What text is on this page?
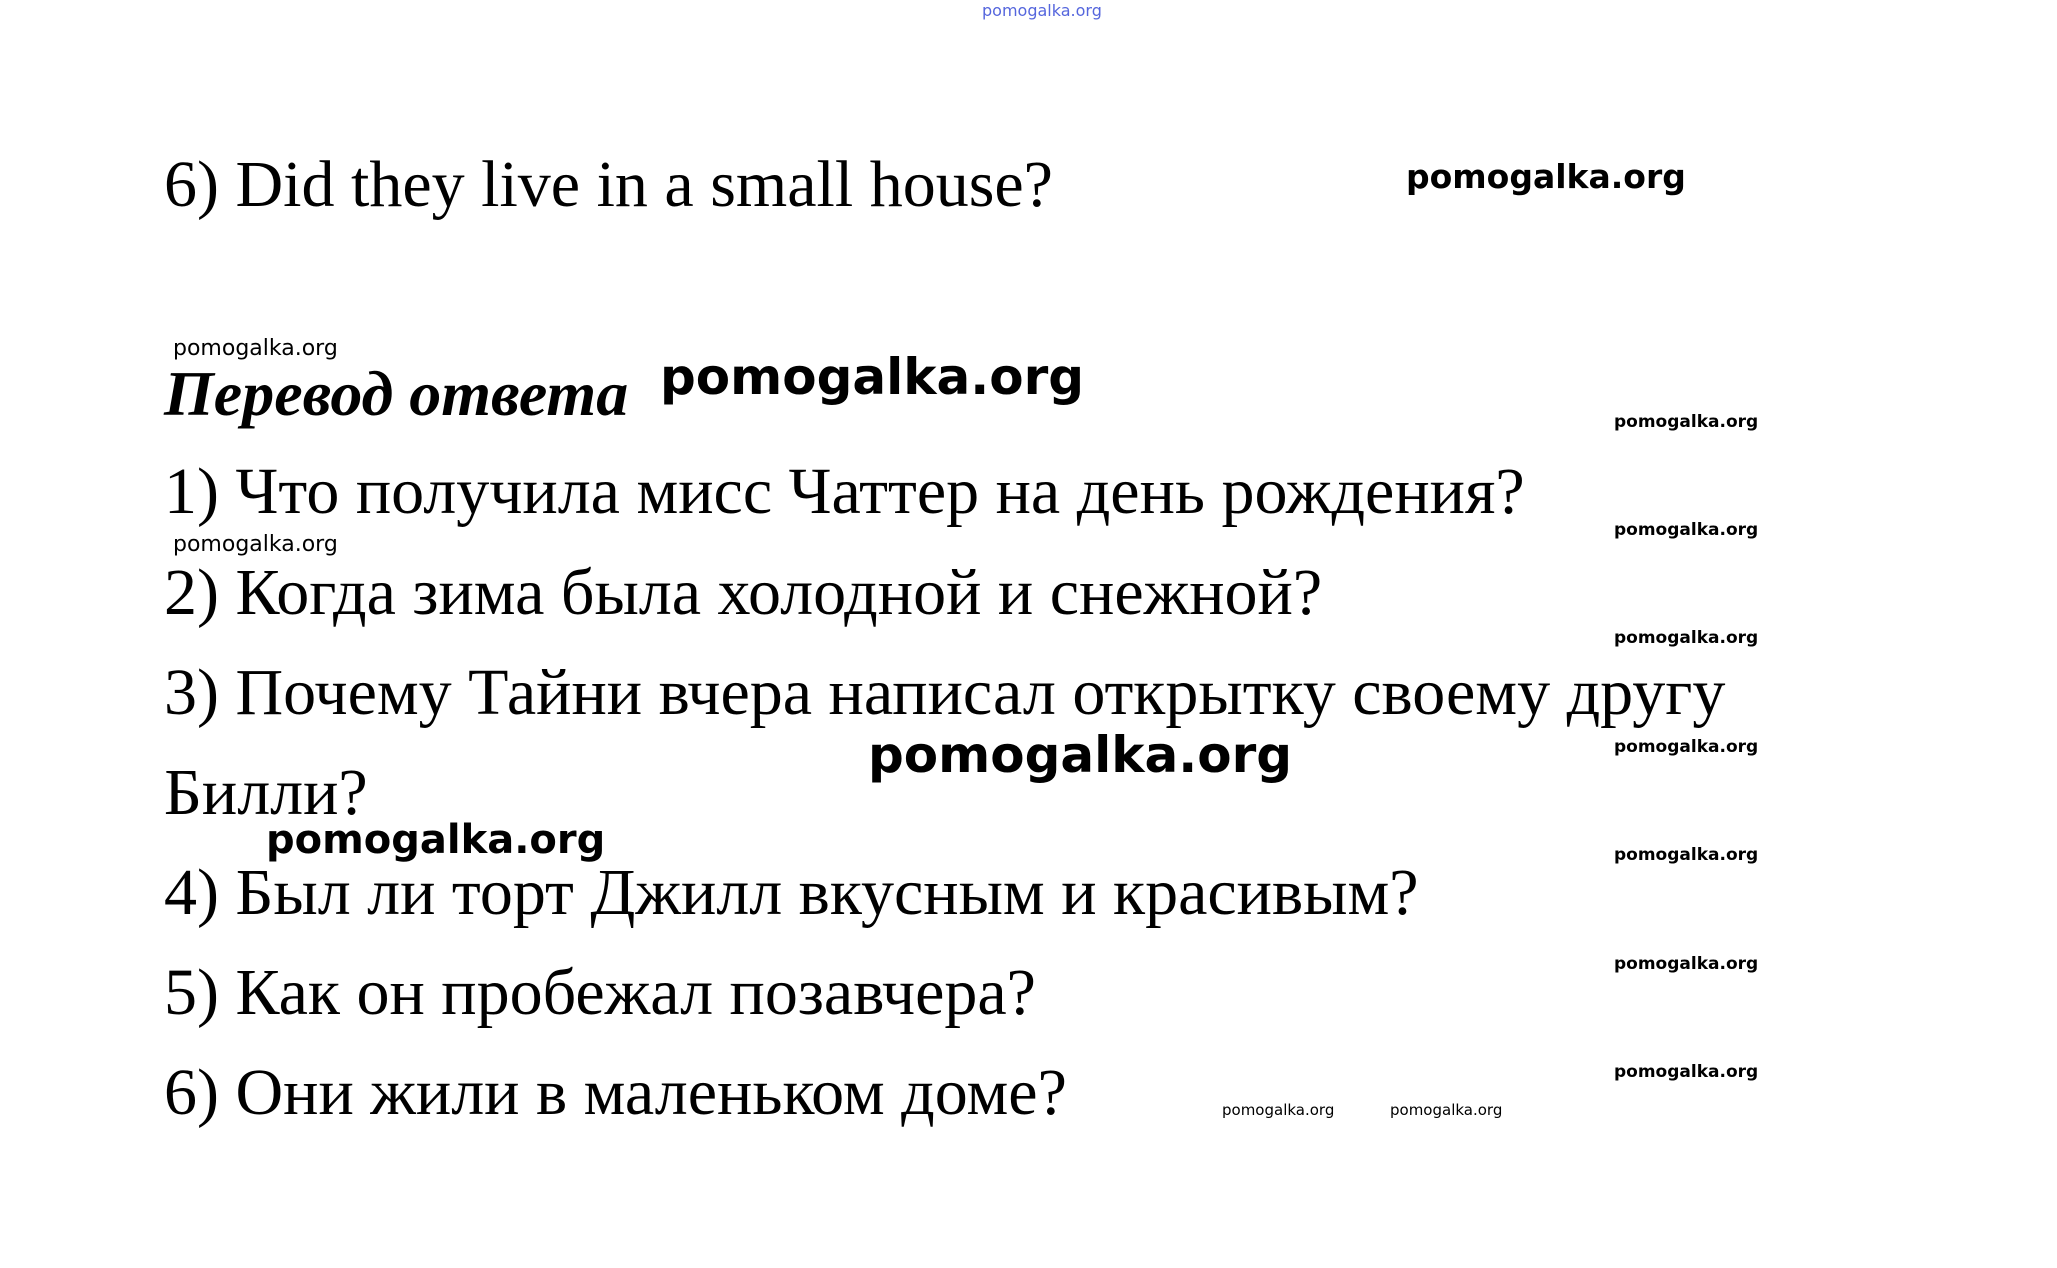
pomogalka.org
6) Did they live in a small house?	pomogalka.org
pomogalka.org
Перевод ответа pomogalka.org
pomogalka.org
pomogalka.org
pomogalka.org
pomogalka.org
pomogalka.org
pomogalka.org
pomogalka.org
1) Что получила мисс Чаттер на день рождения?
pomogalka.org
2) Когда зима была холодной и снежной?
3) Почему Тайни вчера написал открытку своему другу
Билли?
pomogalka.org
pomogalka.org
4) Был ли торт Джилл вкусным и красивым?
5) Как он пробежал позавчера?
6) Они жили в маленьком доме?	pomogalka.org	pomogalka.org
